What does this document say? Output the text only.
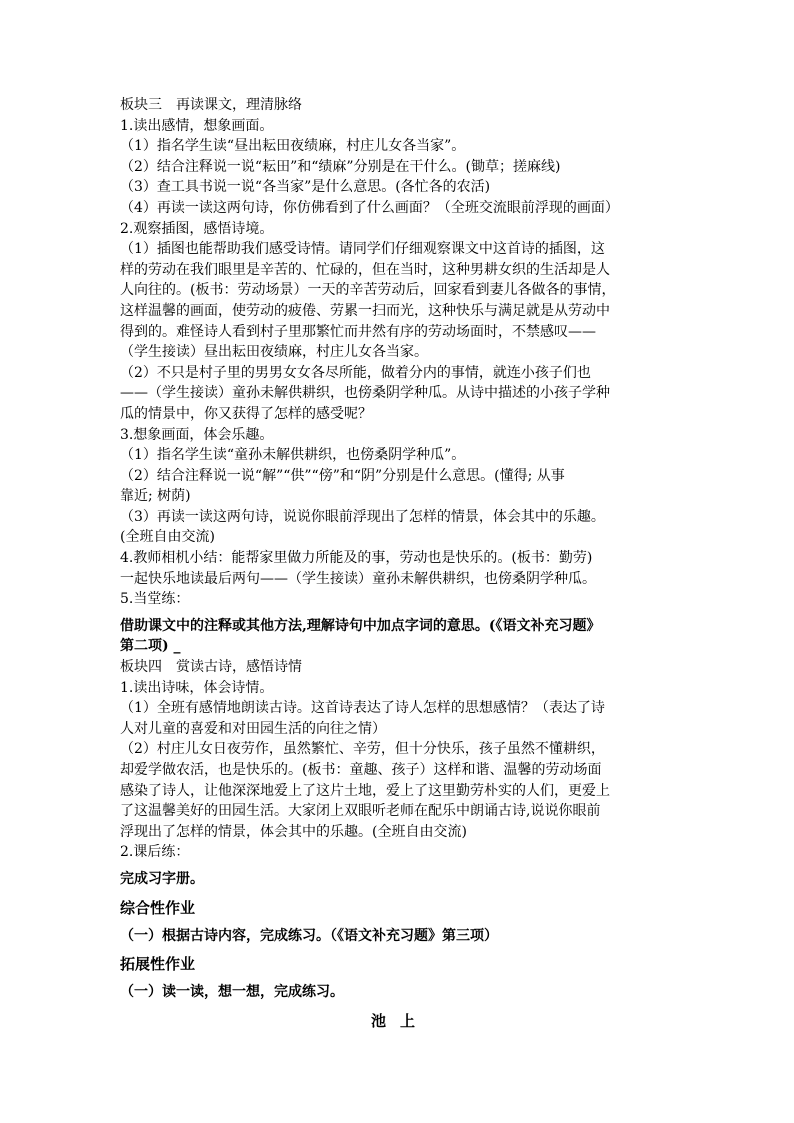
板块三　再读课文，理清脉络
1.读出感情，想象画面。
（1）指名学生读“昼出耘田夜绩麻，村庄儿女各当家”。
（2）结合注释说一说“耘田”和“绩麻”分别是在干什么。(锄草；搓麻线)
（3）查工具书说一说“各当家”是什么意思。(各忙各的农活)
（4）再读一读这两句诗，你仿佛看到了什么画面？（全班交流眼前浮现的画面）
2.观察插图，感悟诗境。
（1）插图也能帮助我们感受诗情。请同学们仔细观察课文中这首诗的插图，这
样的劳动在我们眼里是辛苦的、忙碌的，但在当时，这种男耕女织的生活却是人
人向往的。(板书：劳动场景）一天的辛苦劳动后，回家看到妻儿各做各的事情，
这样温馨的画面，使劳动的疲倦、劳累一扫而光，这种快乐与满足就是从劳动中
得到的。难怪诗人看到村子里那繁忙而井然有序的劳动场面时，不禁感叹——
（学生接读）昼出耘田夜绩麻，村庄儿女各当家。
（2）不只是村子里的男男女女各尽所能，做着分内的事情，就连小孩子们也
——（学生接读）童孙未解供耕织，也傍桑阴学种瓜。从诗中描述的小孩子学种
瓜的情景中，你又获得了怎样的感受呢？
3.想象画面，体会乐趣。
（1）指名学生读“童孙未解供耕织，也傍桑阴学种瓜”。
（2）结合注释说一说“解”“供”“傍”和“阴”分别是什么意思。(懂得; 从事
靠近; 树荫)
（3）再读一读这两句诗，说说你眼前浮现出了怎样的情景，体会其中的乐趣。
(全班自由交流)
4.教师相机小结：能帮家里做力所能及的事，劳动也是快乐的。(板书：勤劳)
一起快乐地读最后两句——（学生接读）童孙未解供耕织，也傍桑阴学种瓜。
5.当堂练：
借助课文中的注释或其他方法,理解诗句中加点字词的意思。(《语文补充习题》
第二项) _
板块四　赏读古诗，感悟诗情
1.读出诗味，体会诗情。
（1）全班有感情地朗读古诗。这首诗表达了诗人怎样的思想感情？（表达了诗
人对儿童的喜爱和对田园生活的向往之情）
（2）村庄儿女日夜劳作，虽然繁忙、辛劳，但十分快乐，孩子虽然不懂耕织，
却爱学做农活，也是快乐的。(板书：童趣、孩子）这样和谐、温馨的劳动场面
感染了诗人，让他深深地爱上了这片土地，爱上了这里勤劳朴实的人们，更爱上
了这温馨美好的田园生活。大家闭上双眼听老师在配乐中朗诵古诗,说说你眼前
浮现出了怎样的情景，体会其中的乐趣。(全班自由交流)
2.课后练：
完成习字册。
综合性作业
（一）根据古诗内容，完成练习。（《语文补充习题》第三项）
拓展性作业
（一）读一读，想一想，完成练习。
池上
